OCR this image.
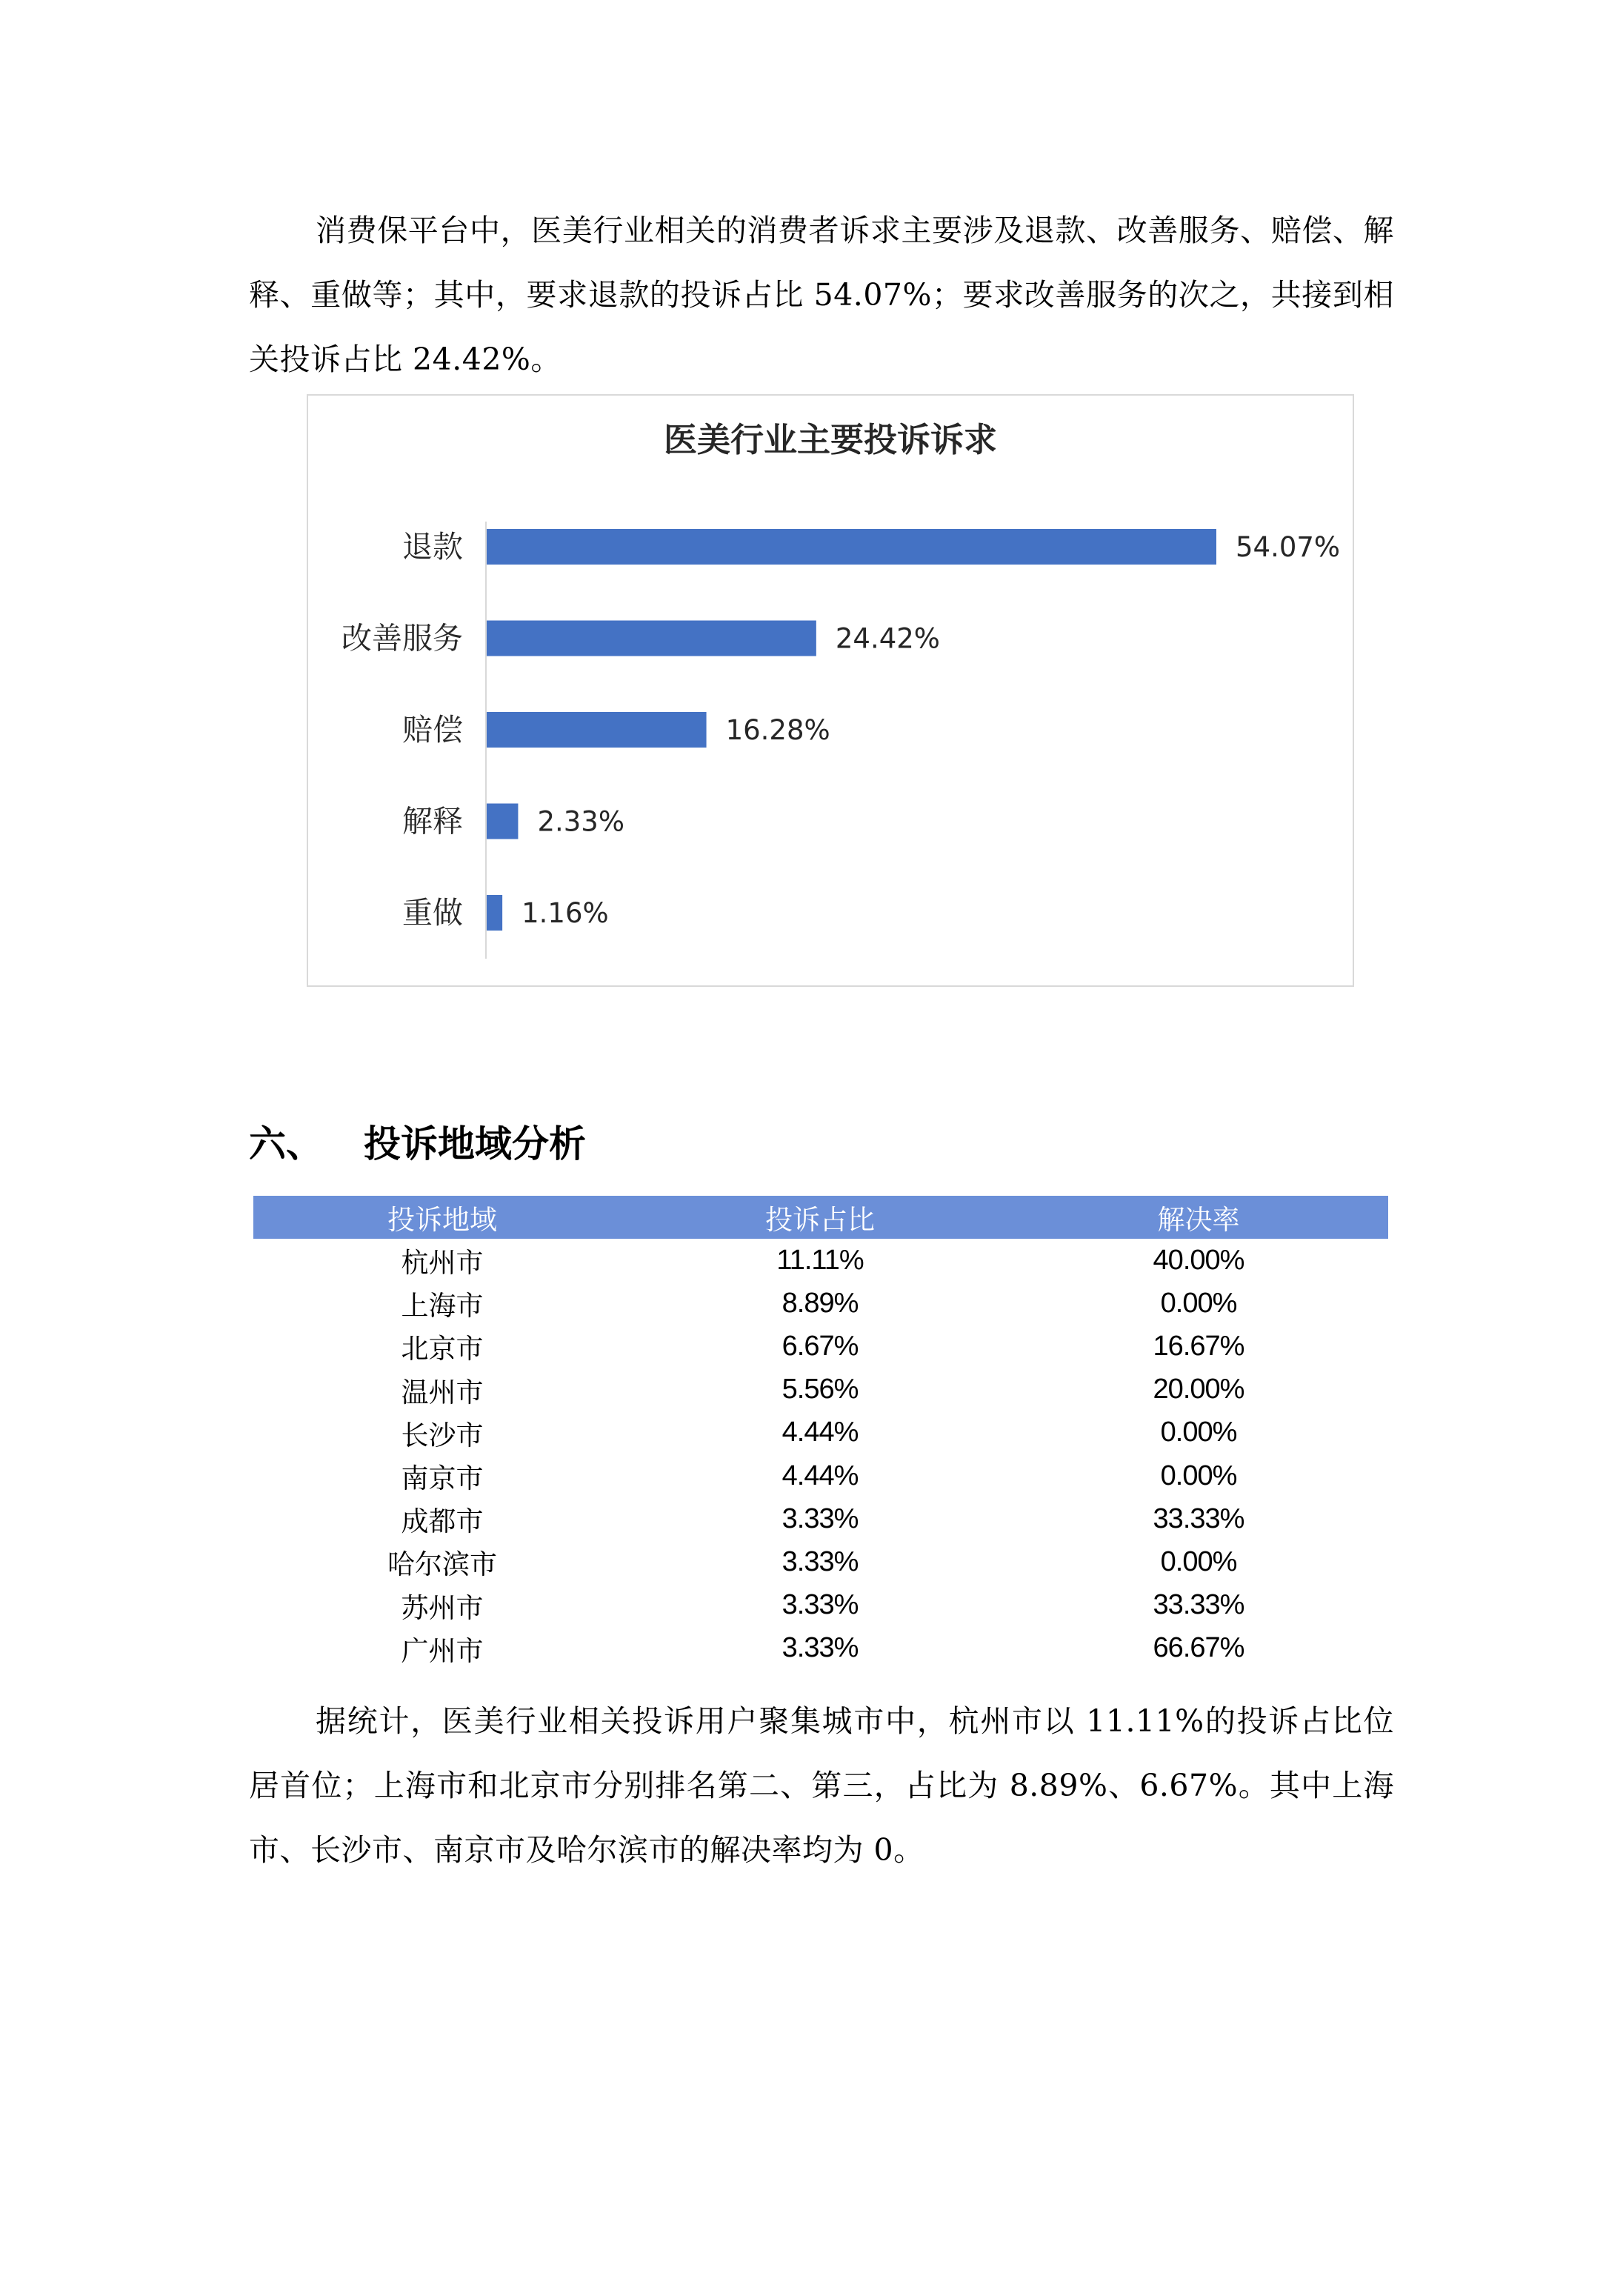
消费保平台中，医美行业相关的消费者诉求主要涉及退款、改善服务、赔偿、解释、重做等；其中，要求退款的投诉占比 54.07%；要求改善服务的次之，共接到相关投诉占比 24.42%。

医美行业主要投诉诉求
退款	54.07%
改善服务	24.42%
赔偿	16.28%
解释	2.33%
重做 1.16%
六、	投诉地域分析
投诉地域	投诉占比	解决率
杭州市	11.11%	40.00%
上海市	8.89%	0.00%
北京市	6.67%	16.67%
温州市	5.56%	20.00%
长沙市	4.44%	0.00%
南京市	4.44%	0.00%
成都市	3.33%	33.33%
哈尔滨市	3.33%	0.00%
苏州市	3.33%	33.33%
广州市	3.33%	66.67%

据统计，医美行业相关投诉用户聚集城市中，杭州市以 11.11%的投诉占比位居首位；上海市和北京市分别排名第二、第三，占比为 8.89%、6.67%。其中上海市、长沙市、南京市及哈尔滨市的解决率均为 0。
